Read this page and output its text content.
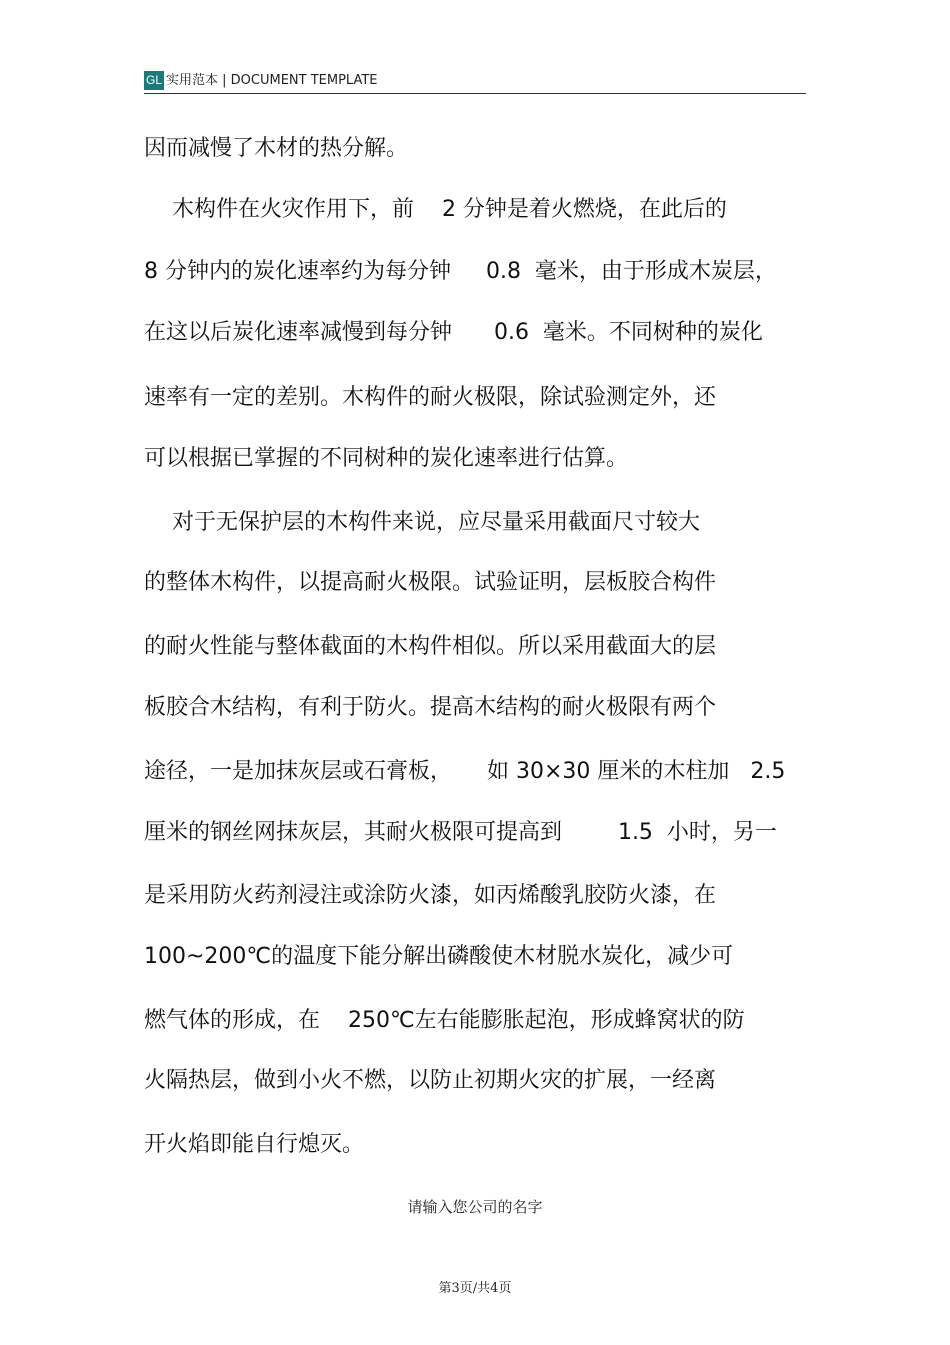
GL 实用范本 | DOCUMENT TEMPLATE
因而减慢了木材的热分解。
木构件在火灾作用下，前    2 分钟是着火燃烧，在此后的
8 分钟内的炭化速率约为每分钟     0.8  毫米，由于形成木炭层，
在这以后炭化速率减慢到每分钟      0.6  毫米。不同树种的炭化
速率有一定的差别。木构件的耐火极限，除试验测定外，还
可以根据已掌握的不同树种的炭化速率进行估算。
对于无保护层的木构件来说，应尽量采用截面尺寸较大
的整体木构件，以提高耐火极限。试验证明，层板胶合构件
的耐火性能与整体截面的木构件相似。所以采用截面大的层
板胶合木结构，有利于防火。提高木结构的耐火极限有两个
途径，一是加抹灰层或石膏板，     如 30×30 厘米的木柱加   2.5
厘米的钢丝网抹灰层，其耐火极限可提高到        1.5  小时，另一
是采用防火药剂浸注或涂防火漆，如丙烯酸乳胶防火漆，在
100~200℃的温度下能分解出磷酸使木材脱水炭化，减少可
燃气体的形成，在    250℃左右能膨胀起泡，形成蜂窝状的防
火隔热层，做到小火不燃，以防止初期火灾的扩展，一经离
开火焰即能自行熄灭。
请输入您公司的名字
第3页/共4页
